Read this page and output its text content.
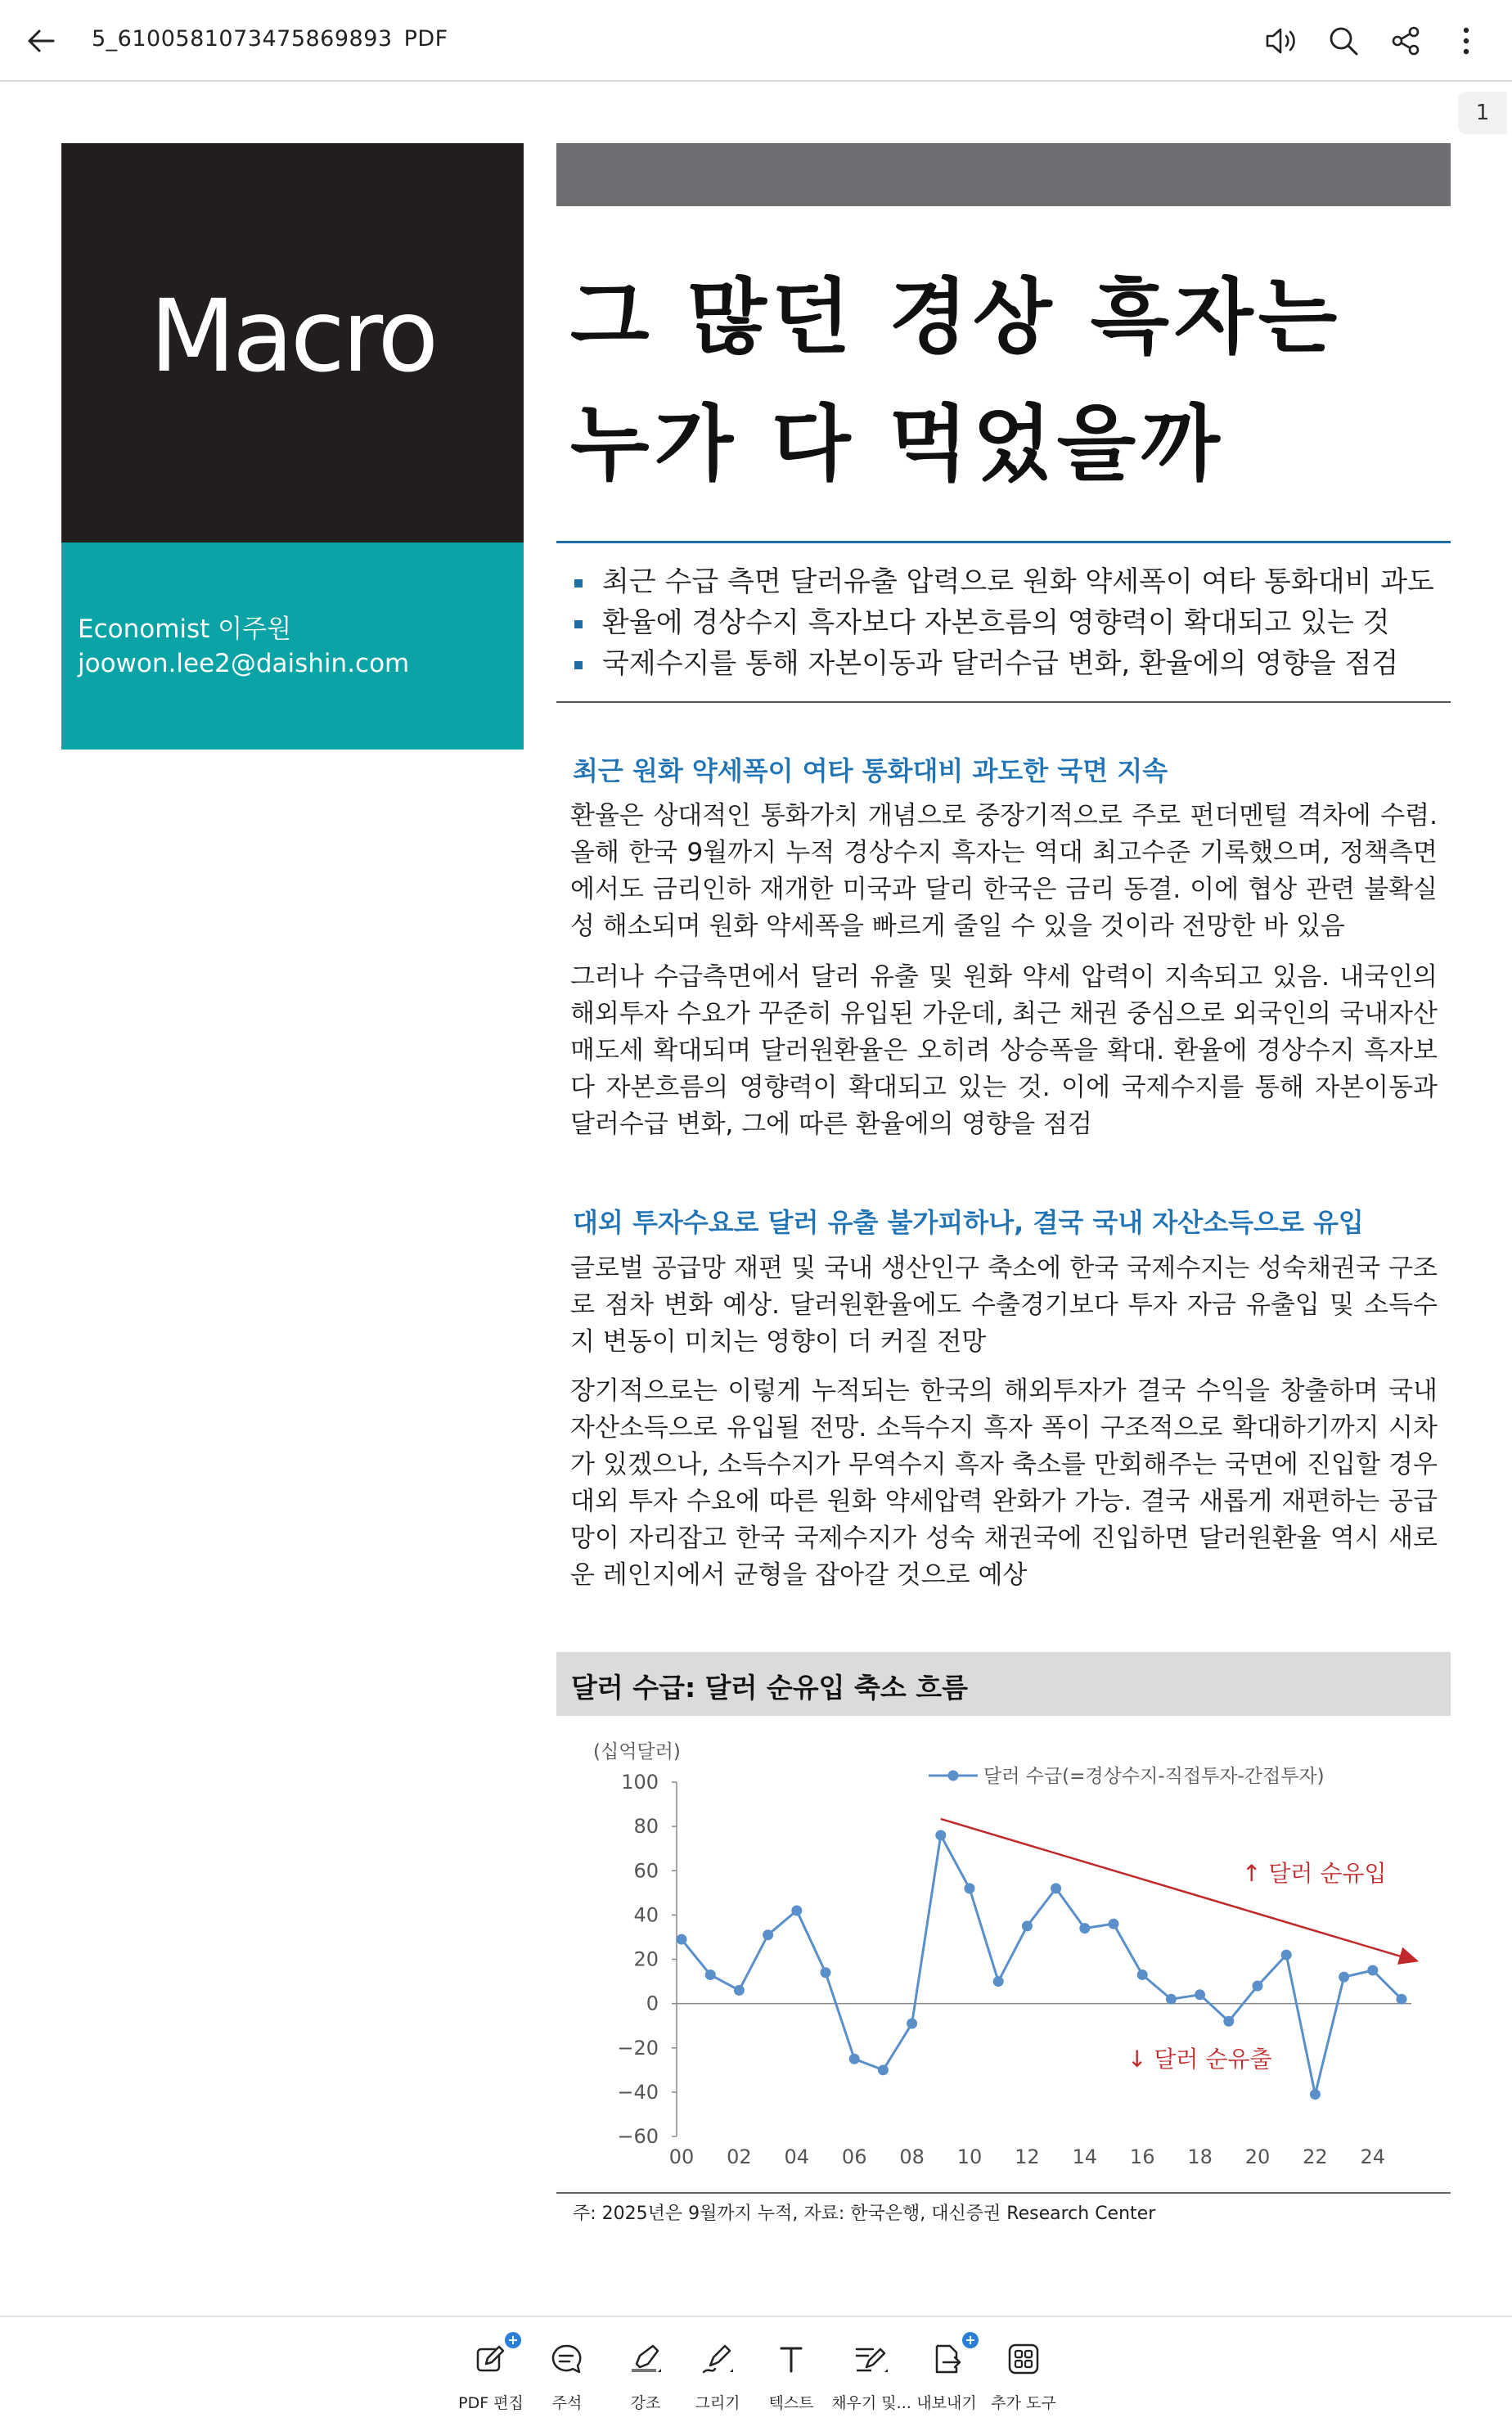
5_6100581073475869893 PDF
1
Macro
Economist 이주원
joowon.lee2@daishin.com
그 많던 경상 흑자는
누가 다 먹었을까
최근 수급 측면 달러유출 압력으로 원화 약세폭이 여타 통화대비 과도
환율에 경상수지 흑자보다 자본흐름의 영향력이 확대되고 있는 것
국제수지를 통해 자본이동과 달러수급 변화, 환율에의 영향을 점검
최근 원화 약세폭이 여타 통화대비 과도한 국면 지속
환율은 상대적인 통화가치 개념으로 중장기적으로 주로 펀더멘털 격차에 수렴. 올해 한국 9월까지 누적 경상수지 흑자는 역대 최고수준 기록했으며, 정책측면에서도 금리인하 재개한 미국과 달리 한국은 금리 동결. 이에 협상 관련 불확실성 해소되며 원화 약세폭을 빠르게 줄일 수 있을 것이라 전망한 바 있음
그러나 수급측면에서 달러 유출 및 원화 약세 압력이 지속되고 있음. 내국인의 해외투자 수요가 꾸준히 유입된 가운데, 최근 채권 중심으로 외국인의 국내자산 매도세 확대되며 달러원환율은 오히려 상승폭을 확대. 환율에 경상수지 흑자보다 자본흐름의 영향력이 확대되고 있는 것. 이에 국제수지를 통해 자본이동과 달러수급 변화, 그에 따른 환율에의 영향을 점검
대외 투자수요로 달러 유출 불가피하나, 결국 국내 자산소득으로 유입
글로벌 공급망 재편 및 국내 생산인구 축소에 한국 국제수지는 성숙채권국 구조로 점차 변화 예상. 달러원환율에도 수출경기보다 투자 자금 유출입 및 소득수지 변동이 미치는 영향이 더 커질 전망
장기적으로는 이렇게 누적되는 한국의 해외투자가 결국 수익을 창출하며 국내 자산소득으로 유입될 전망. 소득수지 흑자 폭이 구조적으로 확대하기까지 시차가 있겠으나, 소득수지가 무역수지 흑자 축소를 만회해주는 국면에 진입할 경우 대외 투자 수요에 따른 원화 약세압력 완화가 가능. 결국 새롭게 재편하는 공급망이 자리잡고 한국 국제수지가 성숙 채권국에 진입하면 달러원환율 역시 새로운 레인지에서 균형을 잡아갈 것으로 예상
달러 수급: 달러 순유입 축소 흐름
(십억달러)
100
80
60
40
20
0
−20
−40
−60
00 02 04 06 08 10 12 14 16 18 20 22 24
달러 수급(=경상수지-직접투자-간접투자)
↑ 달러 순유입
↓ 달러 순유출
주: 2025년은 9월까지 누적, 자료: 한국은행, 대신증권 Research Center
+
PDF 편집	주석	강조	그리기	텍스트	채우기 및...
+
내보내기 추가 도구
